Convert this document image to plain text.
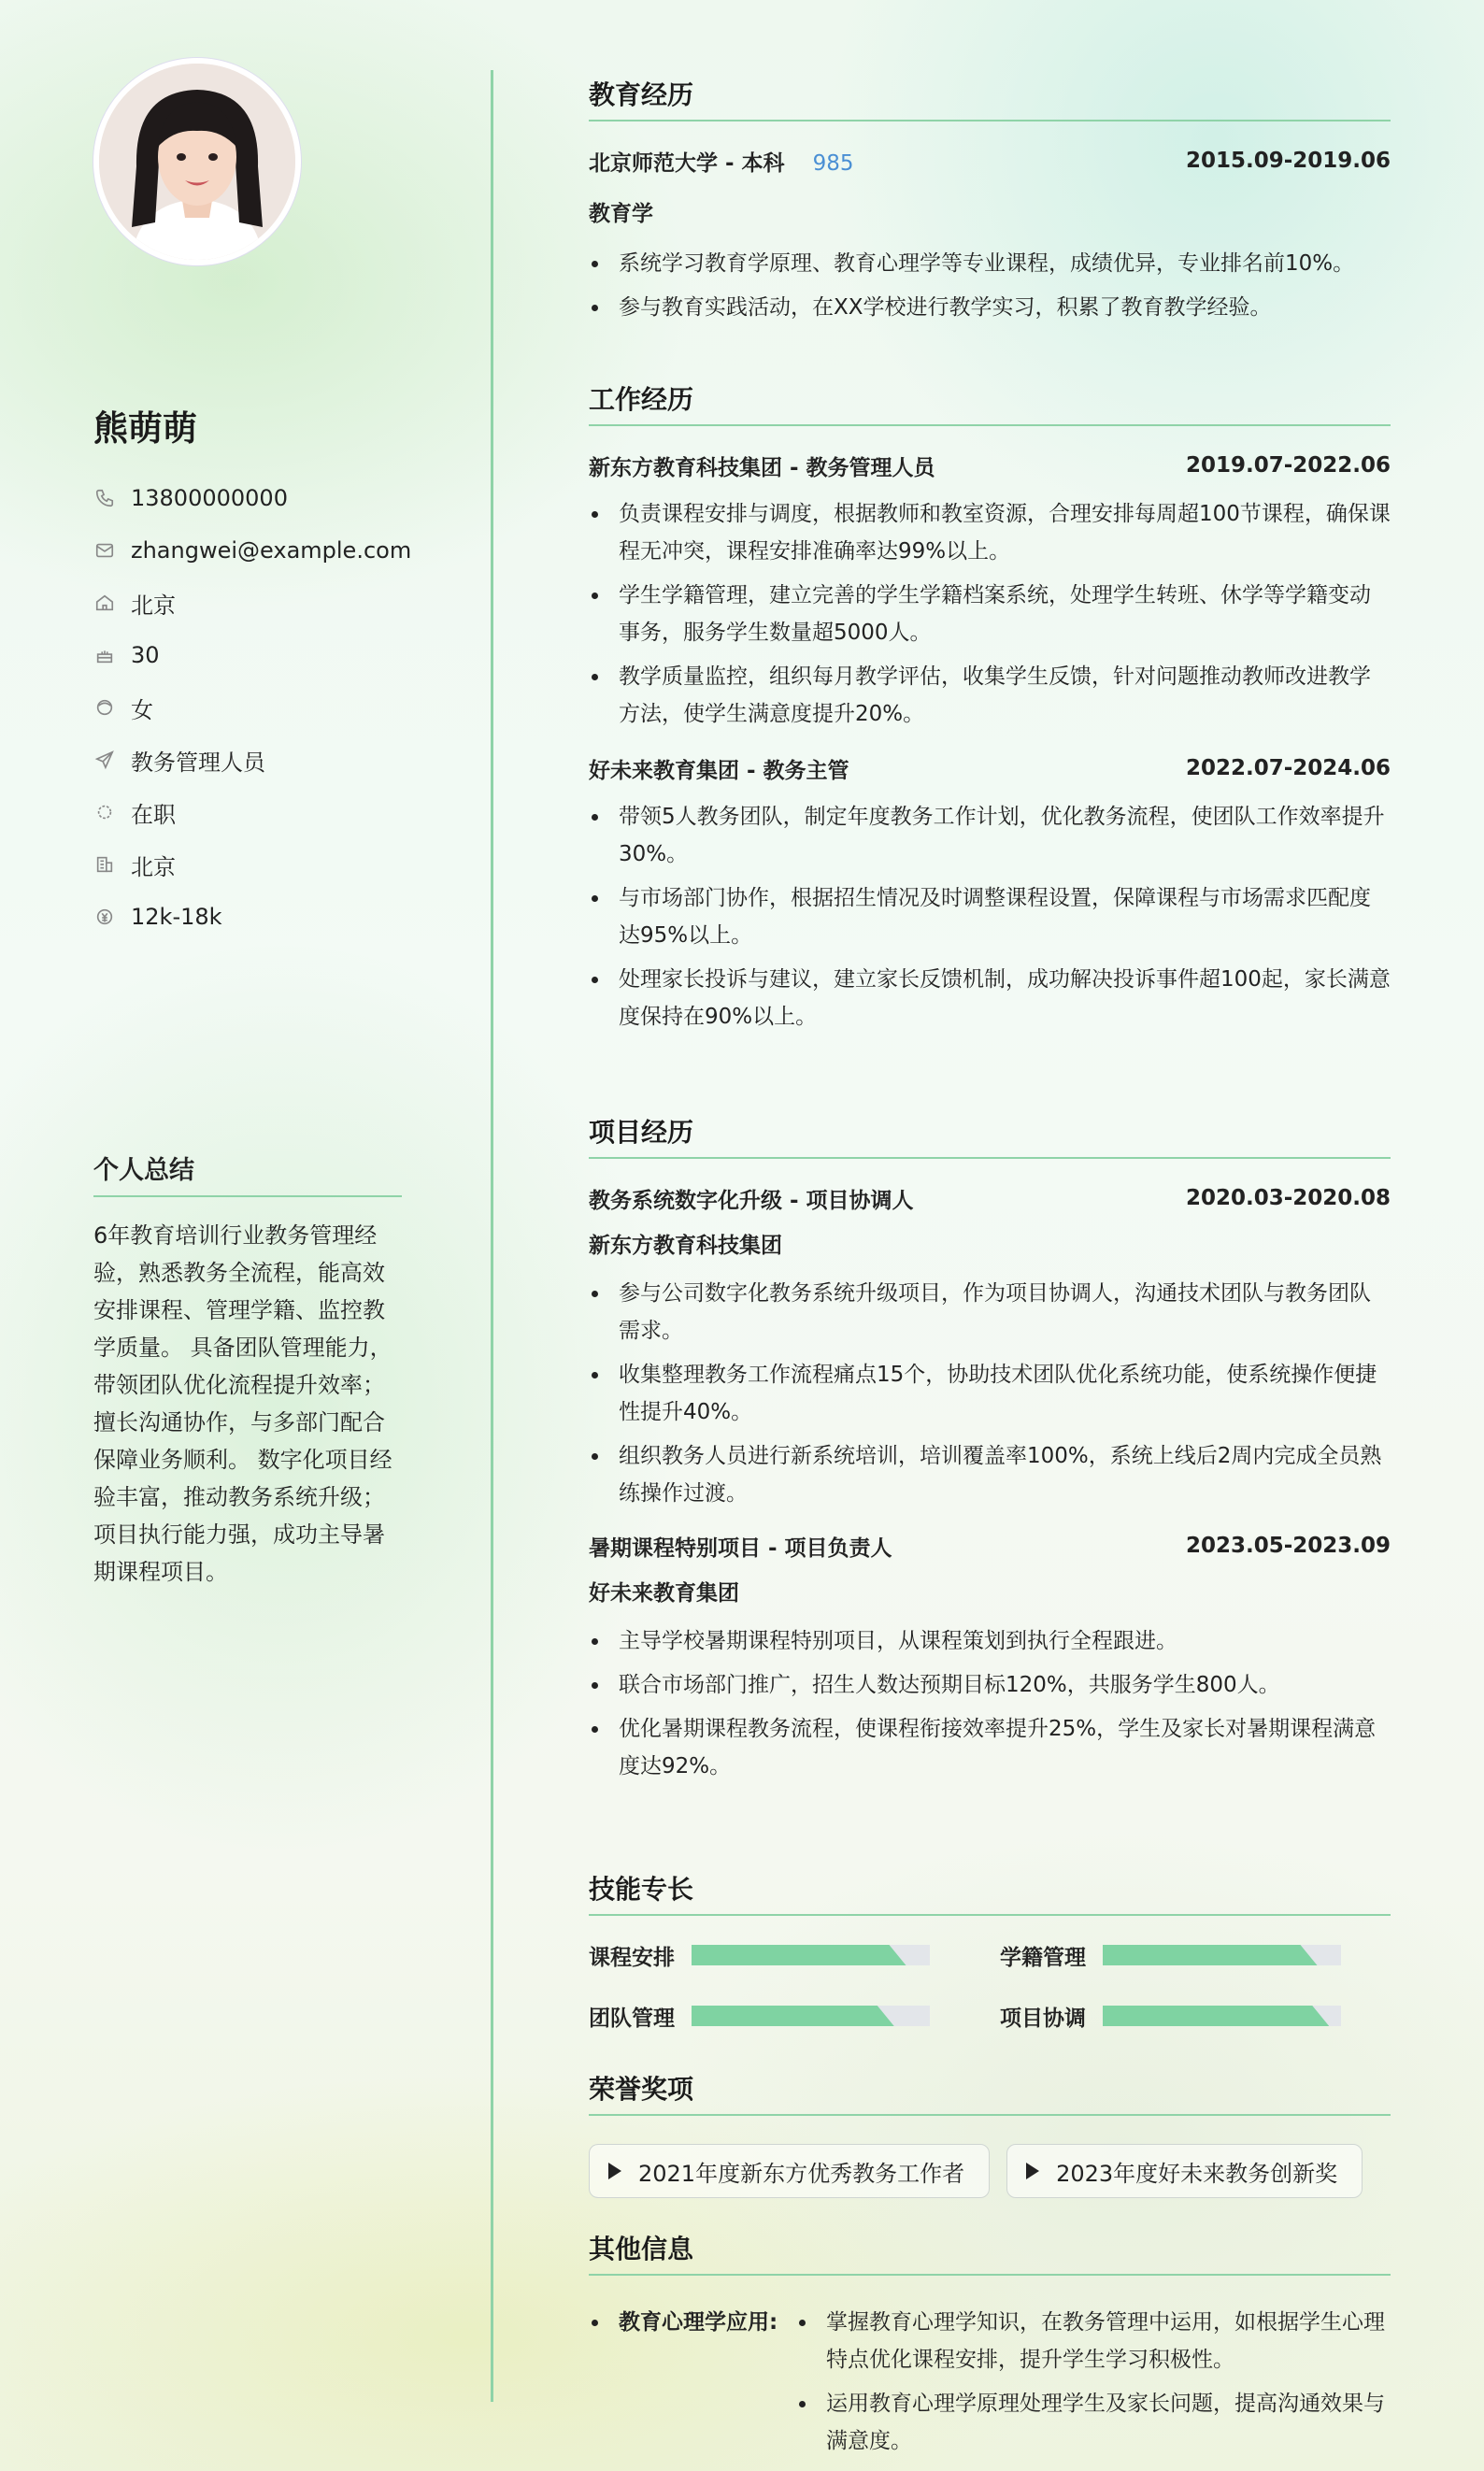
熊萌萌
13800000000
zhangwei@example.com
北京
30
女
教务管理人员
在职
北京
12k-18k
个人总结
6年教育培训行业教务管理经验，熟悉教务全流程，能高效安排课程、管理学籍、监控教学质量。 具备团队管理能力，带领团队优化流程提升效率；擅长沟通协作，与多部门配合保障业务顺利。 数字化项目经验丰富，推动教务系统升级；项目执行能力强，成功主导暑期课程项目。
教育经历
北京师范大学 - 本科 985	2015.09-2019.06
教育学
系统学习教育学原理、教育心理学等专业课程，成绩优异，专业排名前10%。
参与教育实践活动，在XX学校进行教学实习，积累了教育教学经验。
工作经历
新东方教育科技集团 - 教务管理人员	2019.07-2022.06
负责课程安排与调度，根据教师和教室资源，合理安排每周超100节课程，确保课程无冲突，课程安排准确率达99%以上。
学生学籍管理，建立完善的学生学籍档案系统，处理学生转班、休学等学籍变动事务，服务学生数量超5000人。
教学质量监控，组织每月教学评估，收集学生反馈，针对问题推动教师改进教学方法，使学生满意度提升20%。
好未来教育集团 - 教务主管	2022.07-2024.06
带领5人教务团队，制定年度教务工作计划，优化教务流程，使团队工作效率提升30%。
与市场部门协作，根据招生情况及时调整课程设置，保障课程与市场需求匹配度达95%以上。
处理家长投诉与建议，建立家长反馈机制，成功解决投诉事件超100起，家长满意度保持在90%以上。
项目经历
教务系统数字化升级 - 项目协调人	2020.03-2020.08
新东方教育科技集团
参与公司数字化教务系统升级项目，作为项目协调人，沟通技术团队与教务团队需求。
收集整理教务工作流程痛点15个，协助技术团队优化系统功能，使系统操作便捷性提升40%。
组织教务人员进行新系统培训，培训覆盖率100%，系统上线后2周内完成全员熟练操作过渡。
暑期课程特别项目 - 项目负责人	2023.05-2023.09
好未来教育集团
主导学校暑期课程特别项目，从课程策划到执行全程跟进。
联合市场部门推广，招生人数达预期目标120%，共服务学生800人。
优化暑期课程教务流程，使课程衔接效率提升25%，学生及家长对暑期课程满意度达92%。
技能专长
课程安排	学籍管理
团队管理	项目协调
荣誉奖项
2021年度新东方优秀教务工作者	2023年度好未来教务创新奖
其他信息
教育心理学应用:	掌握教育心理学知识，在教务管理中运用，如根据学生心理特点优化课程安排，提升学生学习积极性。
运用教育心理学原理处理学生及家长问题，提高沟通效果与满意度。
